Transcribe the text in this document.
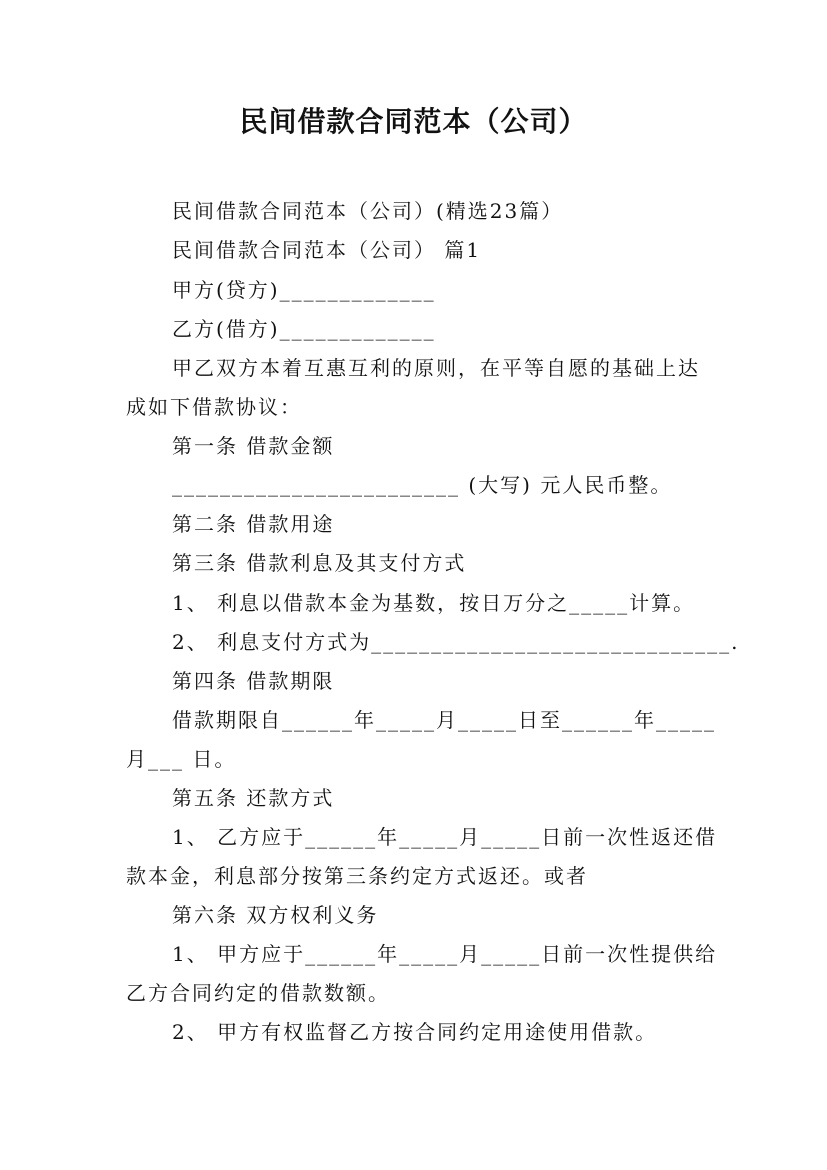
民间借款合同范本（公司）
民间借款合同范本（公司）(精选23篇）
民间借款合同范本（公司） 篇1
甲方(贷方)_____________
乙方(借方)_____________
甲乙双方本着互惠互利的原则，在平等自愿的基础上达
成如下借款协议：
第一条 借款金额
________________________ (大写) 元人民币整。
第二条 借款用途
第三条 借款利息及其支付方式
1、 利息以借款本金为基数，按日万分之_____计算。
2、 利息支付方式为______________________________.
第四条 借款期限
借款期限自______年_____月_____日至______年_____
月___ 日。
第五条 还款方式
1、 乙方应于______年_____月_____日前一次性返还借
款本金，利息部分按第三条约定方式返还。或者
第六条 双方权利义务
1、 甲方应于______年_____月_____日前一次性提供给
乙方合同约定的借款数额。
2、 甲方有权监督乙方按合同约定用途使用借款。
